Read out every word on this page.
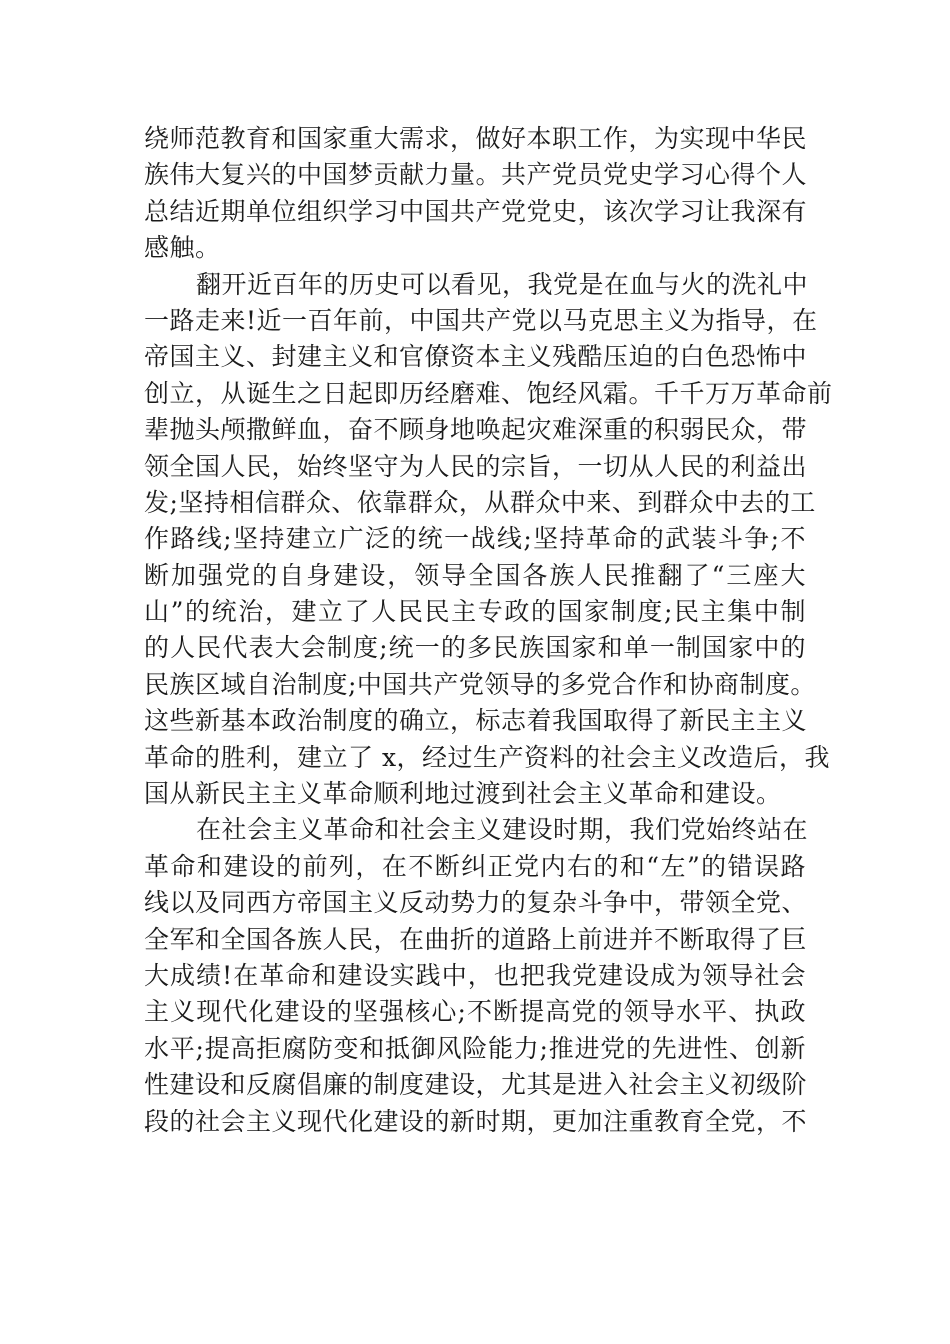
绕师范教育和国家重大需求，做好本职工作，为实现中华民
族伟大复兴的中国梦贡献力量。共产党员党史学习心得个人
总结近期单位组织学习中国共产党党史，该次学习让我深有
感触。
翻开近百年的历史可以看见，我党是在血与火的洗礼中
一路走来!近一百年前，中国共产党以马克思主义为指导，在
帝国主义、封建主义和官僚资本主义残酷压迫的白色恐怖中
创立，从诞生之日起即历经磨难、饱经风霜。千千万万革命前
辈抛头颅撒鲜血，奋不顾身地唤起灾难深重的积弱民众，带
领全国人民，始终坚守为人民的宗旨，一切从人民的利益出
发;坚持相信群众、依靠群众，从群众中来、到群众中去的工
作路线;坚持建立广泛的统一战线;坚持革命的武装斗争;不
断加强党的自身建设，领导全国各族人民推翻了“三座大
山”的统治，建立了人民民主专政的国家制度;民主集中制
的人民代表大会制度;统一的多民族国家和单一制国家中的
民族区域自治制度;中国共产党领导的多党合作和协商制度。
这些新基本政治制度的确立，标志着我国取得了新民主主义
革命的胜利，建立了 x，经过生产资料的社会主义改造后，我
国从新民主主义革命顺利地过渡到社会主义革命和建设。
在社会主义革命和社会主义建设时期，我们党始终站在
革命和建设的前列，在不断纠正党内右的和“左”的错误路
线以及同西方帝国主义反动势力的复杂斗争中，带领全党、
全军和全国各族人民，在曲折的道路上前进并不断取得了巨
大成绩!在革命和建设实践中，也把我党建设成为领导社会
主义现代化建设的坚强核心;不断提高党的领导水平、执政
水平;提高拒腐防变和抵御风险能力;推进党的先进性、创新
性建设和反腐倡廉的制度建设，尤其是进入社会主义初级阶
段的社会主义现代化建设的新时期，更加注重教育全党，不
